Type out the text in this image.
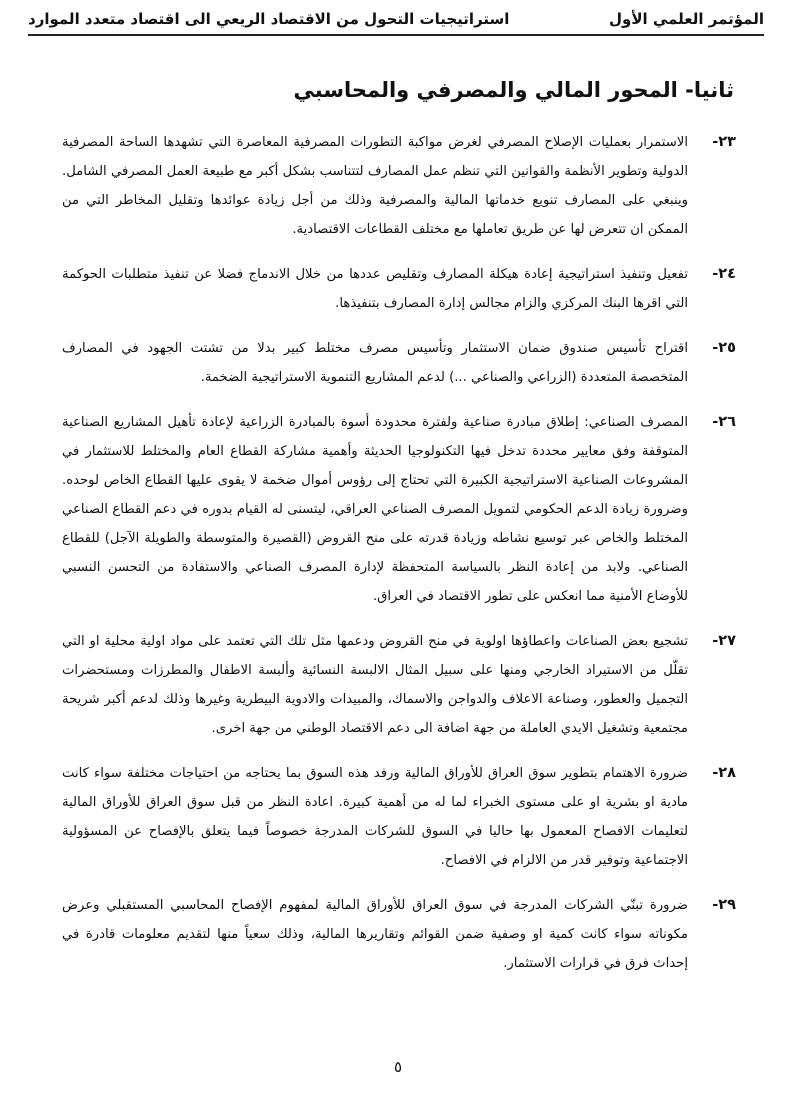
المؤتمر العلمي الأول
استراتيجيات التحول من الاقتصاد الريعي الى اقتصاد متعدد الموارد
ثانيا- المحور المالي والمصرفي والمحاسبي
٢٣-
الاستمرار بعمليات الإصلاح المصرفي لغرض مواكبة التطورات المصرفية المعاصرة التي تشهدها الساحة المصرفية الدولية وتطوير الأنظمة والقوانين التي تنظم عمل المصارف لتتناسب بشكل أكبر مع طبيعة العمل المصرفي الشامل. وينبغي على المصارف تنويع خدماتها المالية والمصرفية وذلك من أجل زيادة عوائدها وتقليل المخاطر التي من الممكن ان تتعرض لها عن طريق تعاملها مع مختلف القطاعات الاقتصادية.
٢٤-
تفعيل وتنفيذ استراتيجية إعادة هيكلة المصارف وتقليص عددها من خلال الاندماج فضلا عن تنفيذ متطلبات الحوكمة التي اقرها البنك المركزي والزام مجالس إدارة المصارف بتنفيذها.
٢٥-
اقتراح تأسيس صندوق ضمان الاستثمار وتأسيس مصرف مختلط كبير بدلا من تشتت الجهود في المصارف المتخصصة المتعددة (الزراعي والصناعي ...) لدعم المشاريع التنموية الاستراتيجية الضخمة.
٢٦-
المصرف الصناعي: إطلاق مبادرة صناعية ولفترة محدودة أسوة بالمبادرة الزراعية لإعادة تأهيل المشاريع الصناعية المتوقفة وفق معايير محددة تدخل فيها التكنولوجيا الحديثة وأهمية مشاركة القطاع العام والمختلط للاستثمار في المشروعات الصناعية الاستراتيجية الكبيرة التي تحتاج إلى رؤوس أموال ضخمة لا يقوى عليها القطاع الخاص لوحده. وضرورة زيادة الدعم الحكومي لتمويل المصرف الصناعي العراقي، ليتسنى له القيام بدوره في دعم القطاع الصناعي المختلط والخاص عبر توسيع نشاطه وزيادة قدرته على منح القروض (القصيرة والمتوسطة والطويلة الآجل) للقطاع الصناعي. ولابد من إعادة النظر بالسياسة المتحفظة لإدارة المصرف الصناعي والاستفادة من التحسن النسبي للأوضاع الأمنية مما انعكس على تطور الاقتصاد في العراق.
٢٧-
تشجيع بعض الصناعات واعطاؤها اولوية في منح القروض ودعمها مثل تلك التي تعتمد على مواد اولية محلية او التي تقلّل من الاستيراد الخارجي ومنها على سبيل المثال الالبسة النسائية وألبسة الاطفال والمطرزات ومستحضرات التجميل والعطور، وصناعة الاعلاف والدواجن والاسماك، والمبيدات والادوية البيطرية وغيرها وذلك لدعم أكبر شريحة مجتمعية وتشغيل الايدي العاملة من جهة اضافة الى دعم الاقتصاد الوطني من جهة اخرى.
٢٨-
ضرورة الاهتمام بتطوير سوق العراق للأوراق المالية ورفد هذه السوق بما يحتاجه من احتياجات مختلفة سواء كانت مادية او بشرية او على مستوى الخبراء لما له من أهمية كبيرة. اعادة النظر من قبل سوق العراق للأوراق المالية لتعليمات الافصاح المعمول بها حاليا في السوق للشركات المدرجة خصوصاً فيما يتعلق بالإفصاح عن المسؤولية الاجتماعية وتوفير قدر من الالزام في الافصاح.
٢٩-
ضرورة تبنّي الشركات المدرجة في سوق العراق للأوراق المالية لمفهوم الإفصاح المحاسبي المستقبلي وعرض مكوناته سواء كانت كمية او وصفية ضمن القوائم وتقاريرها المالية، وذلك سعياً منها لتقديم معلومات قادرة في إحداث فرق في قرارات الاستثمار.
٥
